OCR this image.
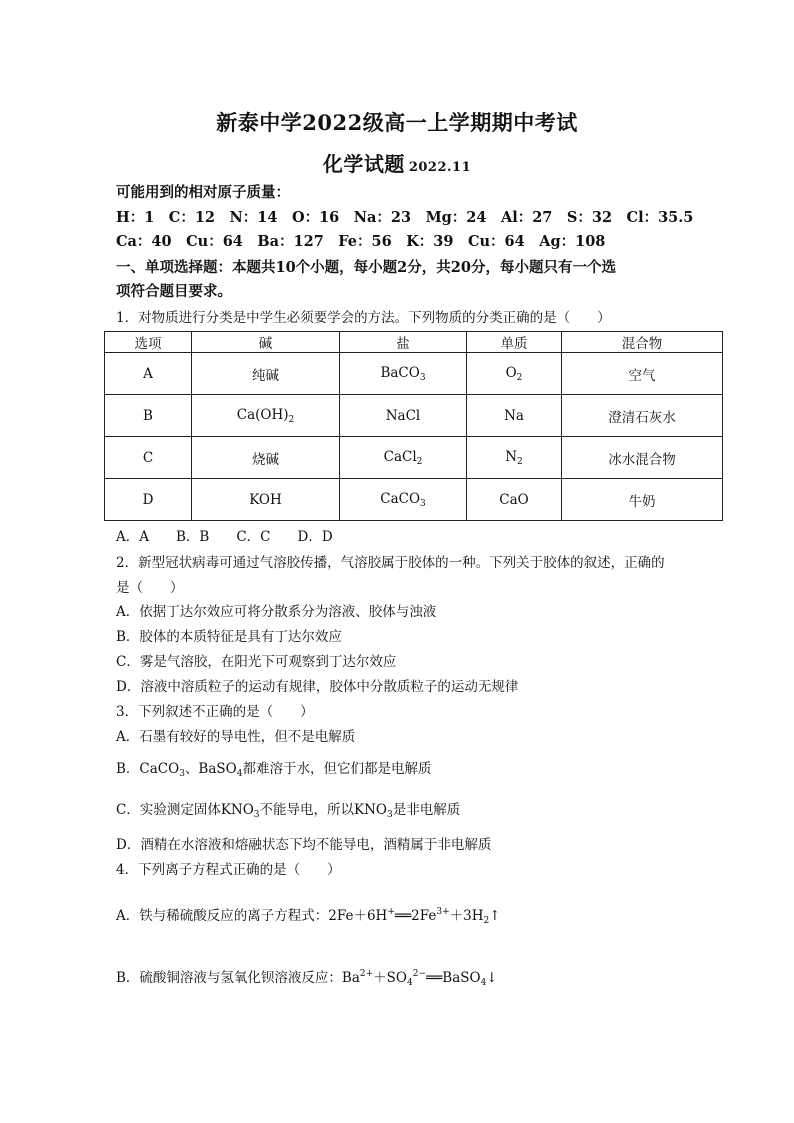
新泰中学2022级高一上学期期中考试
化学试题 2022.11
可能用到的相对原子质量：
H：1　C：12　N：14　O：16　Na：23　Mg：24　Al：27　S：32　Cl：35.5
Ca：40　Cu：64　Ba：127　Fe：56　K：39　Cu：64　Ag：108
一、单项选择题：本题共10个小题，每小题2分，共20分，每小题只有一个选
项符合题目要求。
1．对物质进行分类是中学生必须要学会的方法。下列物质的分类正确的是（　　）
选项	碱	盐	单质	混合物
A	纯碱	BaCO$_3$	$O_2$	空气
B	$Ca(OH)_2$	NaCl	Na	澄清石灰水
C	烧碱	CaCl$_2$	$N_2$	冰水混合物
D	KOH	CaCO$_3$	CaO	牛奶
A．A　　B．B　　C．C　　D．D
2．新型冠状病毒可通过气溶胶传播，气溶胶属于胶体的一种。下列关于胶体的叙述，正确的
是（　　）
A．依据丁达尔效应可将分散系分为溶液、胶体与浊液
B．胶体的本质特征是具有丁达尔效应
C．雾是气溶胶，在阳光下可观察到丁达尔效应
D．溶液中溶质粒子的运动有规律，胶体中分散质粒子的运动无规律
3．下列叙述不正确的是（　　）
A．石墨有较好的导电性，但不是电解质
B．CaCO$_3$、BaSO$_4$都难溶于水，但它们都是电解质
C．实验测定固体$KNO_3$不能导电，所以$KNO_3$是非电解质
D．酒精在水溶液和熔融状态下均不能导电，酒精属于非电解质
4．下列离子方程式正确的是（　　）
A．铁与稀硫酸反应的离子方程式：$2Fe+6H^+══2Fe^{3+}+3H_2↑$
B．硫酸铜溶液与氢氧化钡溶液反应：$Ba^{2+}+SO_4^{2-}══BaSO_4↓$
